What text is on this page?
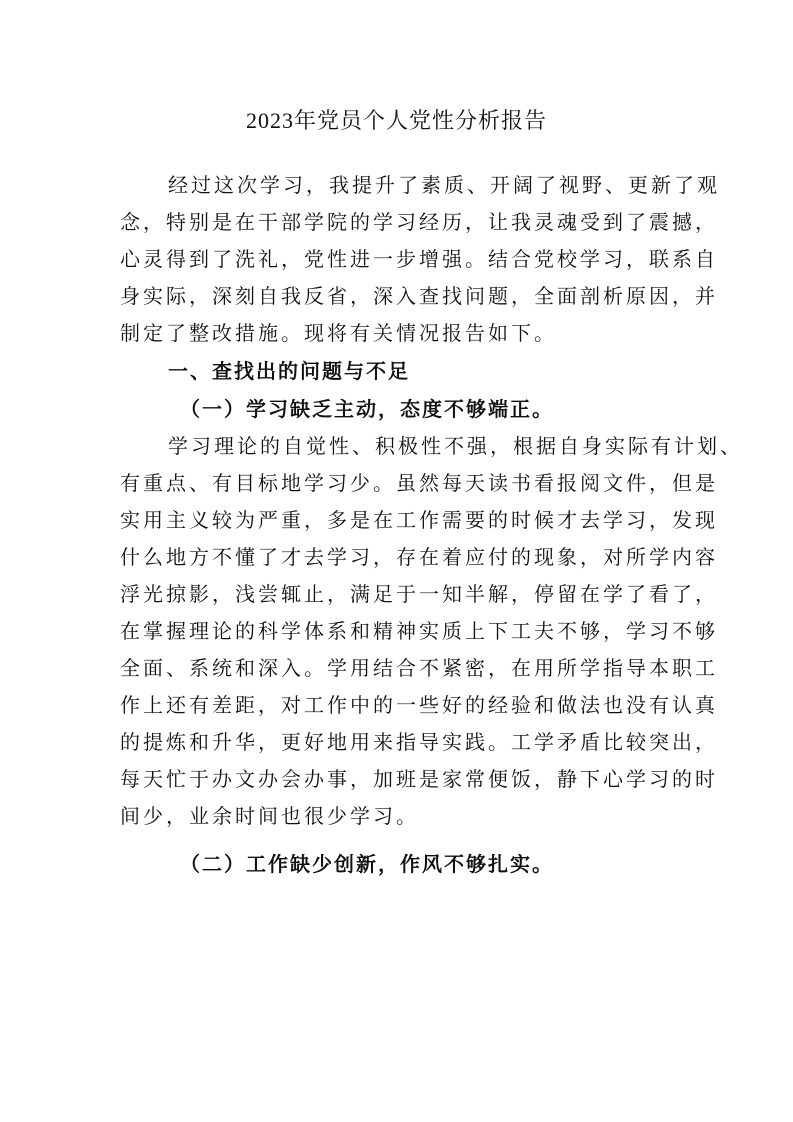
2023年党员个人党性分析报告
经过这次学习，我提升了素质、开阔了视野、更新了观
念，特别是在干部学院的学习经历，让我灵魂受到了震撼，
心灵得到了洗礼，党性进一步增强。结合党校学习，联系自
身实际，深刻自我反省，深入查找问题，全面剖析原因，并
制定了整改措施。现将有关情况报告如下。
一、查找出的问题与不足
（一）学习缺乏主动，态度不够端正。
学习理论的自觉性、积极性不强，根据自身实际有计划、
有重点、有目标地学习少。虽然每天读书看报阅文件，但是
实用主义较为严重，多是在工作需要的时候才去学习，发现
什么地方不懂了才去学习，存在着应付的现象，对所学内容
浮光掠影，浅尝辄止，满足于一知半解，停留在学了看了，
在掌握理论的科学体系和精神实质上下工夫不够，学习不够
全面、系统和深入。学用结合不紧密，在用所学指导本职工
作上还有差距，对工作中的一些好的经验和做法也没有认真
的提炼和升华，更好地用来指导实践。工学矛盾比较突出，
每天忙于办文办会办事，加班是家常便饭，静下心学习的时
间少，业余时间也很少学习。
（二）工作缺少创新，作风不够扎实。
